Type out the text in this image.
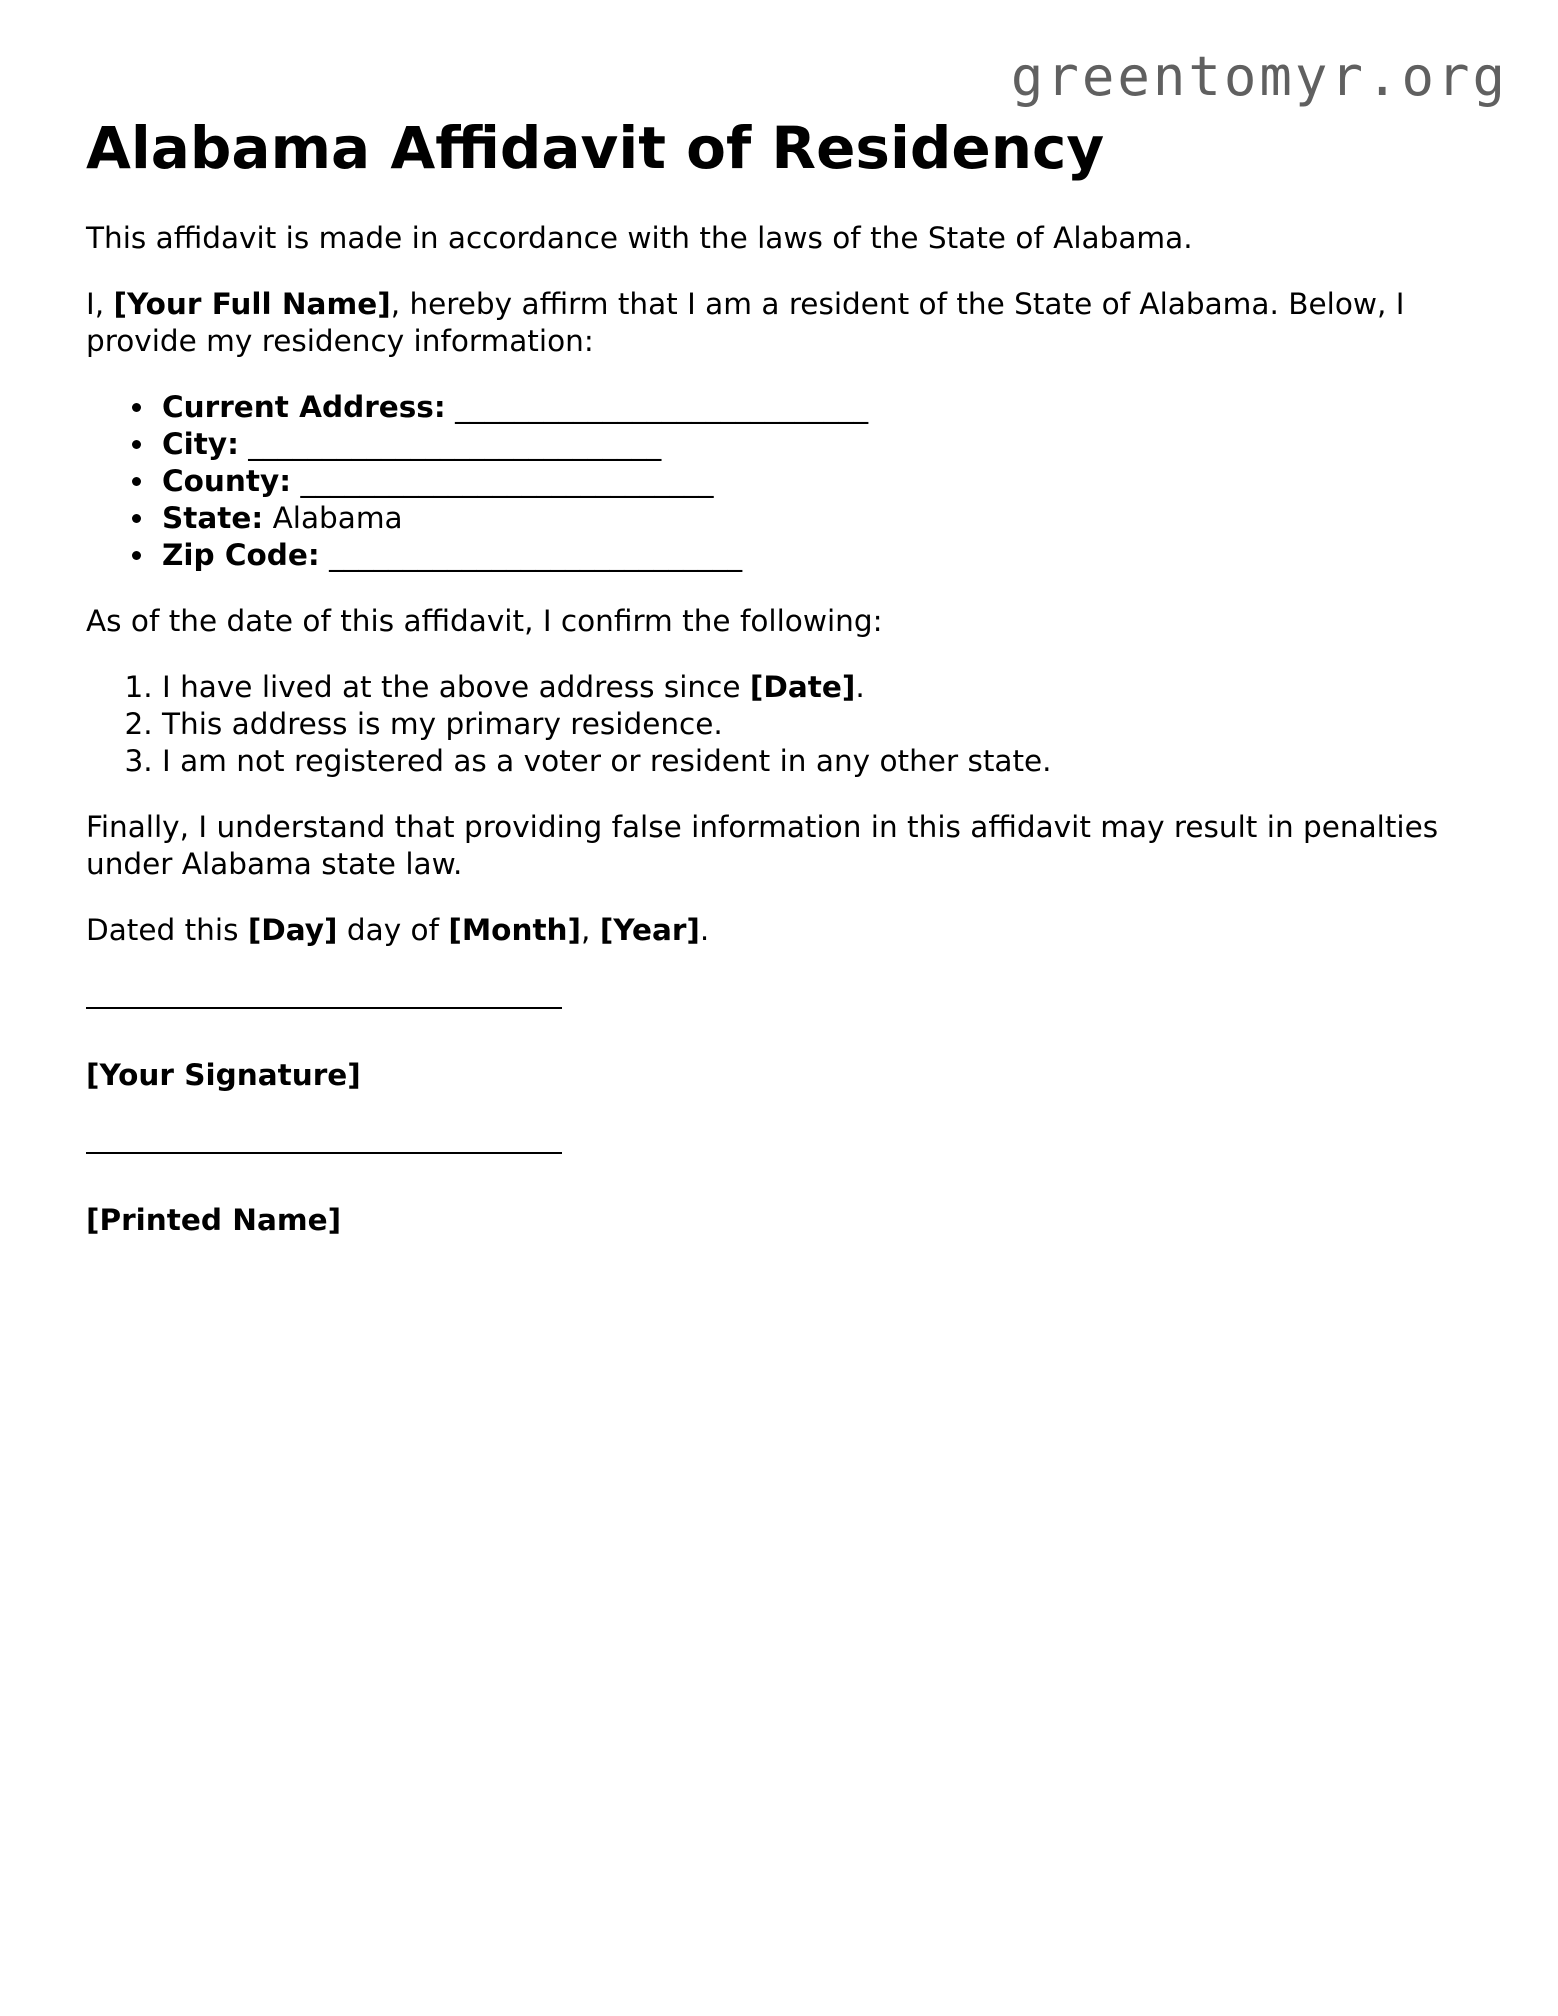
greentomyr.org
Alabama Affidavit of Residency

This affidavit is made in accordance with the laws of the State of Alabama.

I, [Your Full Name], hereby affirm that I am a resident of the State of Alabama. Below, I provide my residency information:

Current Address: ____________________________
City: ____________________________
County: ____________________________
State: Alabama
Zip Code: ____________________________

As of the date of this affidavit, I confirm the following:

1. I have lived at the above address since [Date].
2. This address is my primary residence.
3. I am not registered as a voter or resident in any other state.

Finally, I understand that providing false information in this affidavit may result in penalties under Alabama state law.

Dated this [Day] day of [Month], [Year].

[Your Signature]

[Printed Name]
